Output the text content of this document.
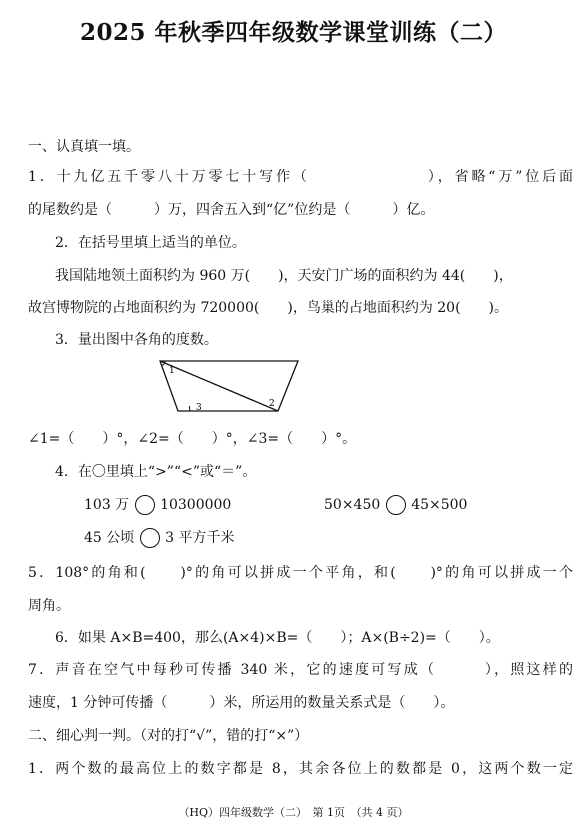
2025 年秋季四年级数学课堂训练（二）
一、认真填一填。
1．十九亿五千零八十万零七十写作（　　　　　　　），省略“万”位后面
的尾数约是（　　　）万，四舍五入到“亿”位约是（　　　）亿。
2．在括号里填上适当的单位。
我国陆地领土面积约为 960 万(　　)，天安门广场的面积约为 44(　　)，
故宫博物院的占地面积约为 720000(　　)，鸟巢的占地面积约为 20(　　)。
3．量出图中各角的度数。
1
2
3
∠1=（　　）°，∠2=（　　）°，∠3=（　　）°。
4．在〇里填上“>”“<”或“＝”。
103 万 10300000	50×450 45×500
45 公顷 3 平方千米
5．108°的角和(　　)°的角可以拼成一个平角，和(　　)°的角可以拼成一个
周角。
6．如果 A×B=400，那么(A×4)×B=（　　）；A×(B÷2)=（　　）。
7．声音在空气中每秒可传播 340 米，它的速度可写成（　　　），照这样的
速度，1 分钟可传播（　　　）米，所运用的数量关系式是（　　）。
二、细心判一判。（对的打“√”，错的打“×”）
1．两个数的最高位上的数字都是 8，其余各位上的数都是 0，这两个数一定
（HQ）四年级数学（二）　第 1页　（共 4 页）
